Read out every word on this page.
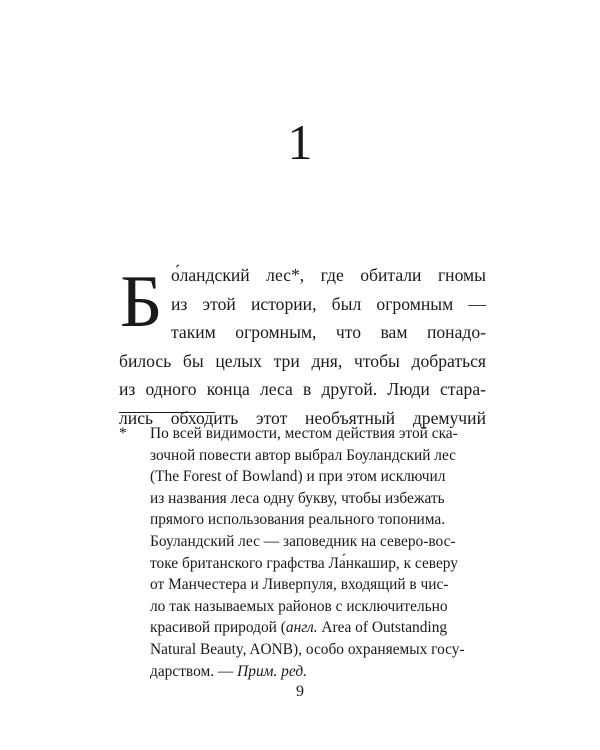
1
Б о́ландский лес*, где обитали гномы
из этой истории, был огромным —
таким огромным, что вам понадо-
билось бы целых три дня, чтобы добраться
из одного конца леса в другой. Люди стара-
лись обходить этот необъятный дремучий

* По всей видимости, местом действия этой ска-
зочной повести автор выбрал Боуландский лес
(The Forest of Bowland) и при этом исключил
из названия леса одну букву, чтобы избежать
прямого использования реального топонима.
Боуландский лес — заповедник на северо-вос-
токе британского графства Ла́нкашир, к северу
от Манчестера и Ливерпуля, входящий в чис-
ло так называемых районов с исключительно
красивой природой (англ. Area of Outstanding
Natural Beauty, AONB), особо охраняемых госу-
дарством. — Прим. ред.

9
